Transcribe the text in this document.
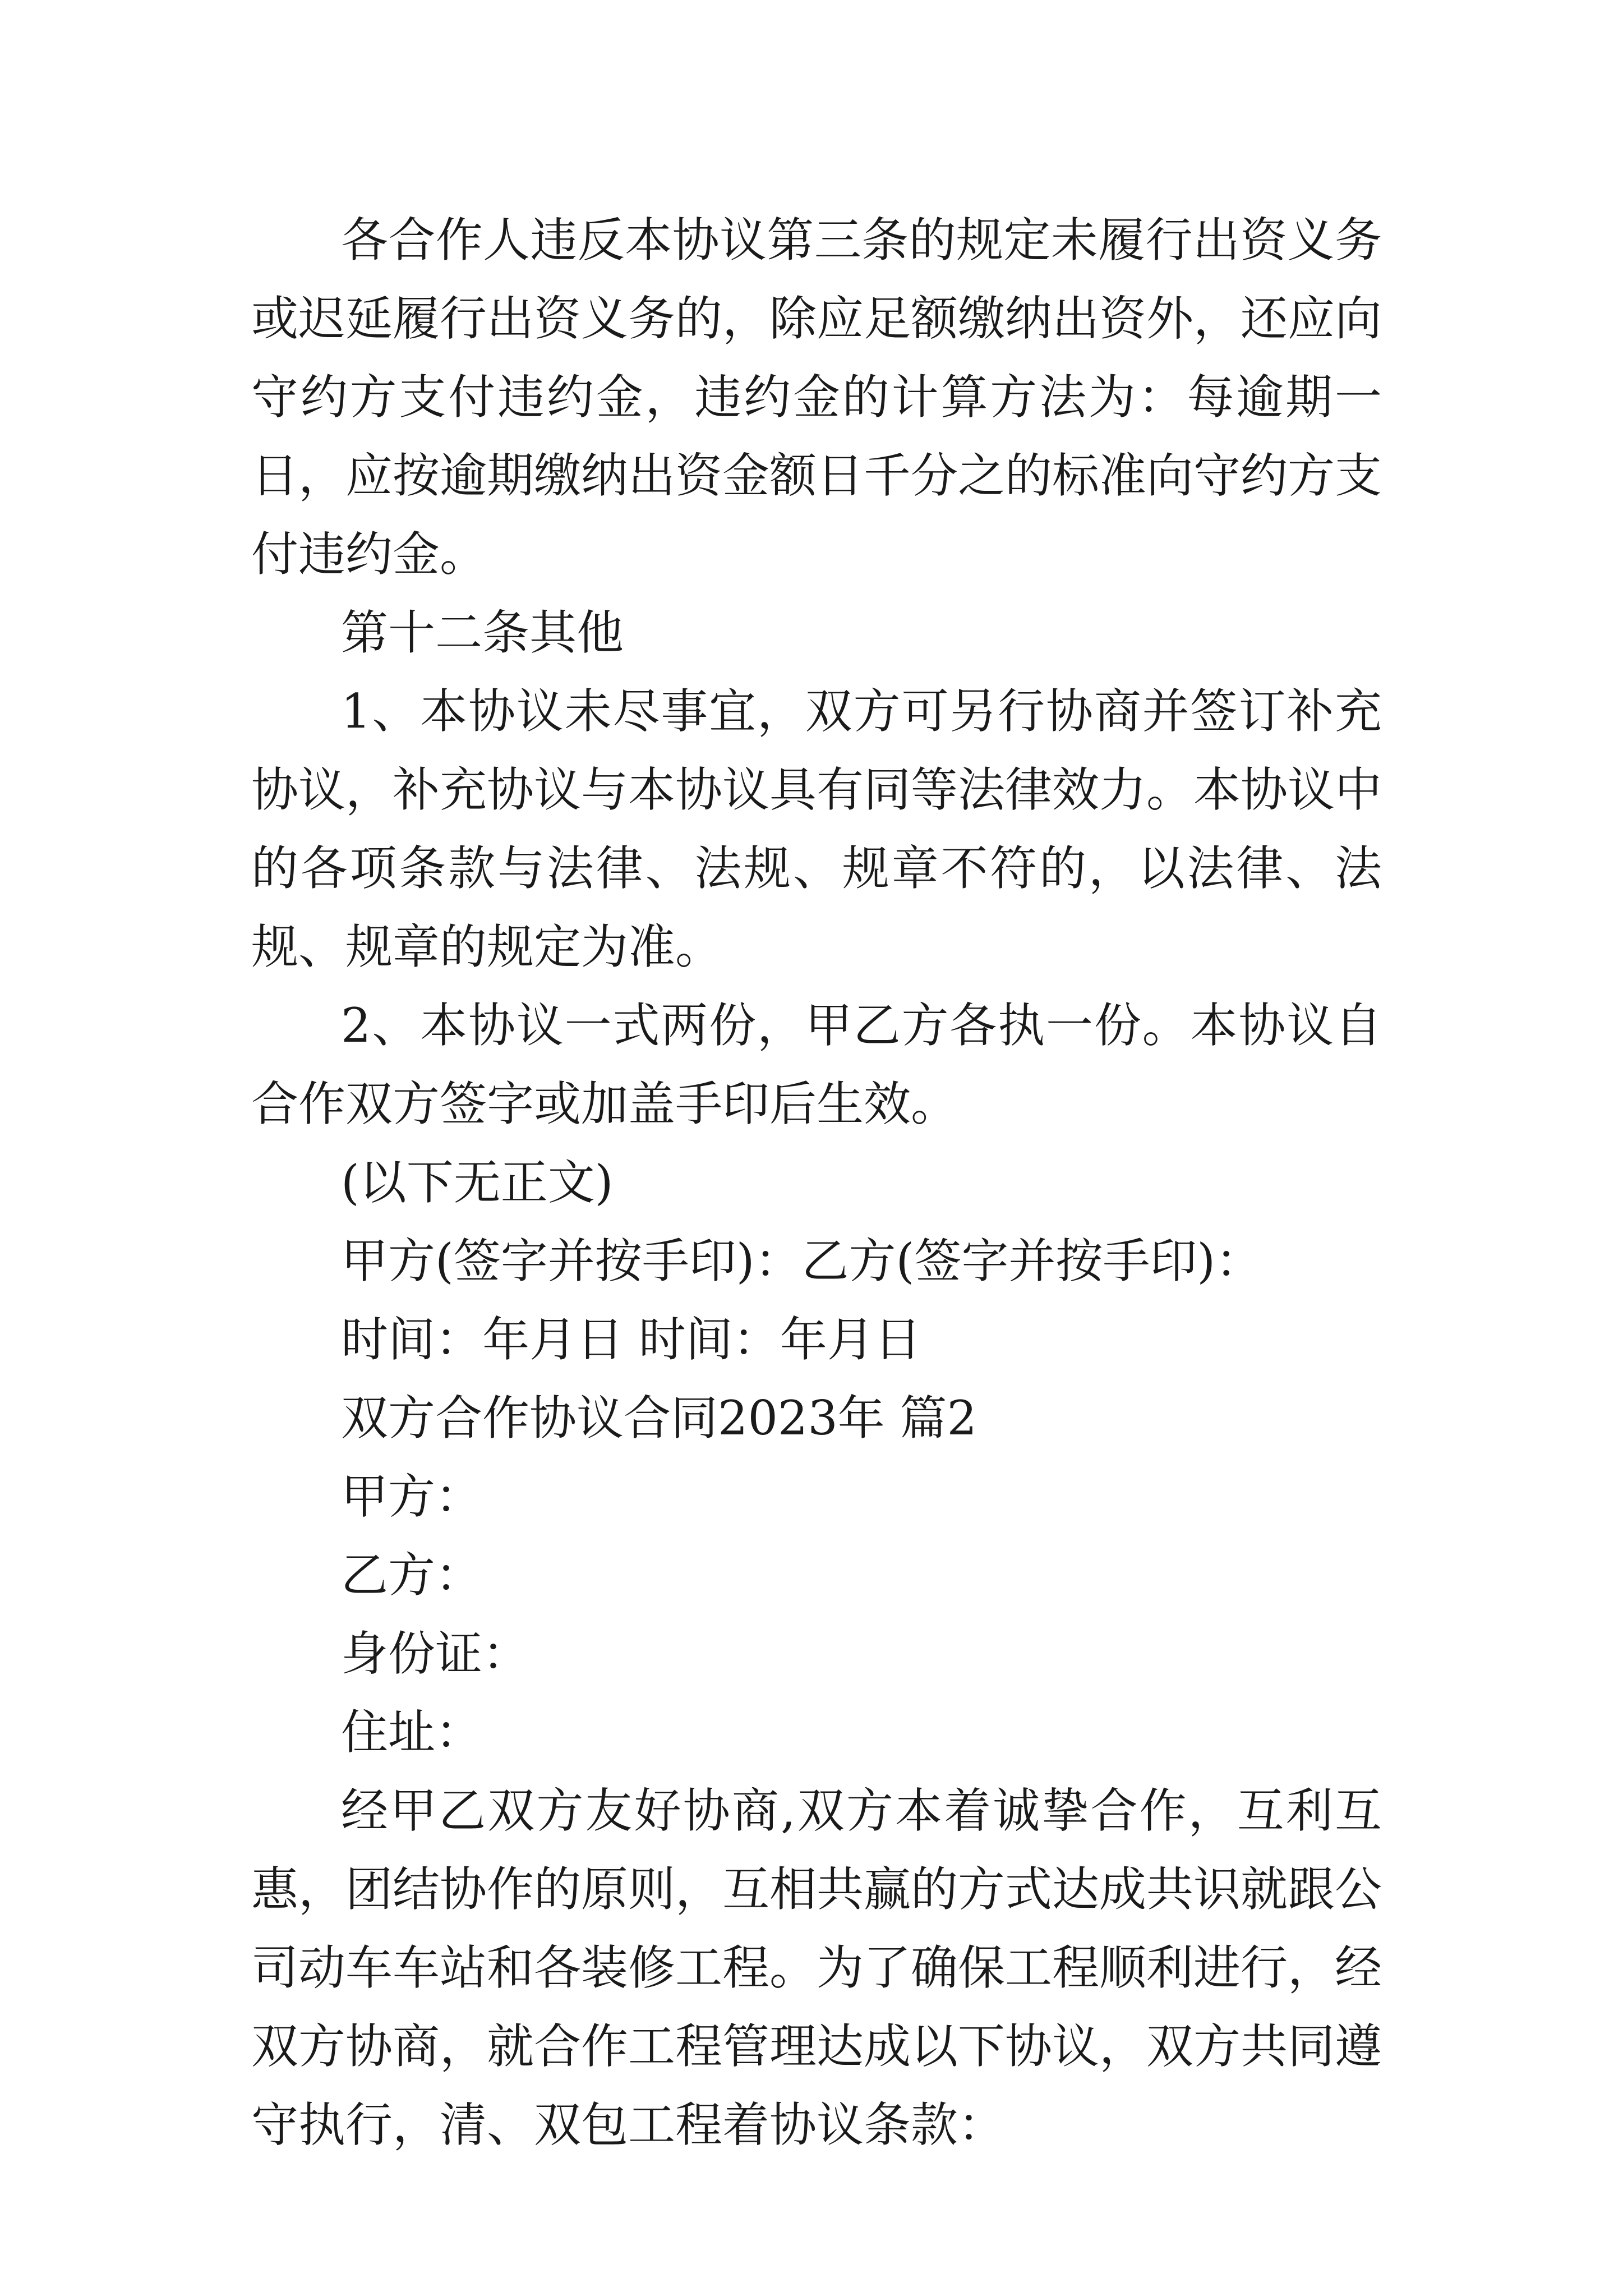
各合作人违反本协议第三条的规定未履行出资义务或迟延履行出资义务的，除应足额缴纳出资外，还应向守约方支付违约金，违约金的计算方法为：每逾期一日，应按逾期缴纳出资金额日千分之的标准向守约方支付违约金。

第十二条其他

1、本协议未尽事宜，双方可另行协商并签订补充协议，补充协议与本协议具有同等法律效力。本协议中的各项条款与法律、法规、规章不符的，以法律、法规、规章的规定为准。

2、本协议一式两份，甲乙方各执一份。本协议自合作双方签字或加盖手印后生效。

(以下无正文)

甲方(签字并按手印)：乙方(签字并按手印)：

时间：年月日 时间：年月日

双方合作协议合同2023年 篇2

甲方：

乙方：

身份证：

住址：

经甲乙双方友好协商,双方本着诚挚合作，互利互惠，团结协作的原则，互相共赢的方式达成共识就跟公司动车车站和各装修工程。为了确保工程顺利进行，经双方协商，就合作工程管理达成以下协议，双方共同遵守执行，清、双包工程着协议条款：
